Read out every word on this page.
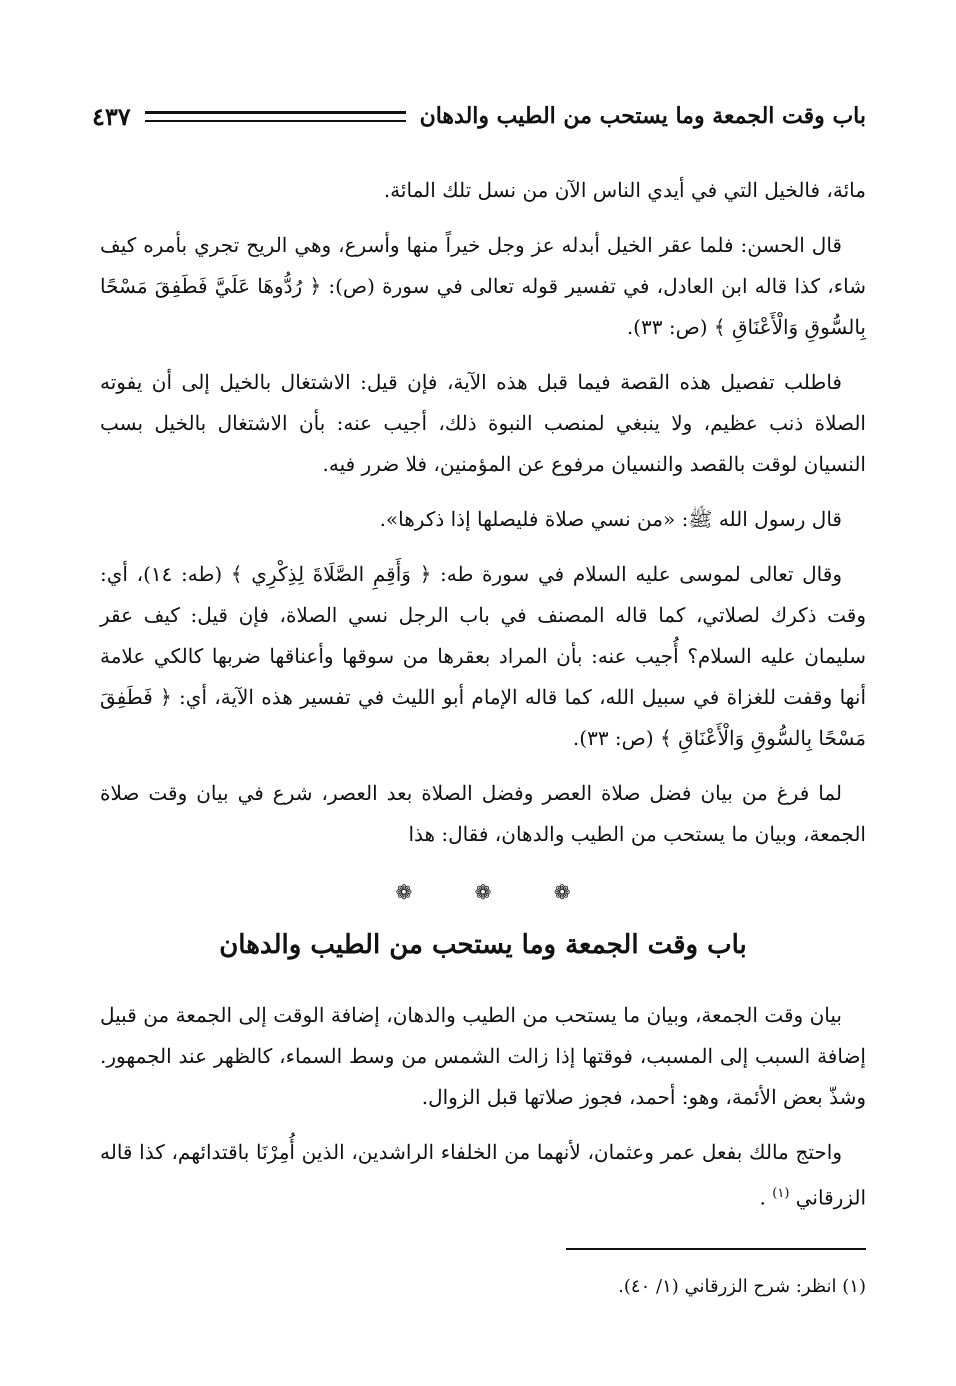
باب وقت الجمعة وما يستحب من الطيب والدهان
٤٣٧

مائة، فالخيل التي في أيدي الناس الآن من نسل تلك المائة.

قال الحسن: فلما عقر الخيل أبدله عز وجل خيراً منها وأسرع، وهي الريح تجري بأمره كيف شاء، كذا قاله ابن العادل، في تفسير قوله تعالى في سورة (ص): ﴿ رُدُّوهَا عَلَيَّ فَطَفِقَ مَسْحًا بِالسُّوقِ وَالْأَعْنَاقِ ﴾ (ص: ٣٣).

فاطلب تفصيل هذه القصة فيما قبل هذه الآية، فإن قيل: الاشتغال بالخيل إلى أن يفوته الصلاة ذنب عظيم، ولا ينبغي لمنصب النبوة ذلك، أجيب عنه: بأن الاشتغال بالخيل بسب النسيان لوقت بالقصد والنسيان مرفوع عن المؤمنين، فلا ضرر فيه.

قال رسول الله ﷺ: «من نسي صلاة فليصلها إذا ذكرها».

وقال تعالى لموسى عليه السلام في سورة طه: ﴿ وَأَقِمِ الصَّلَاةَ لِذِكْرِي ﴾ (طه: ١٤)، أي: وقت ذكرك لصلاتي، كما قاله المصنف في باب الرجل نسي الصلاة، فإن قيل: كيف عقر سليمان عليه السلام؟ أُجيب عنه: بأن المراد بعقرها من سوقها وأعناقها ضربها كالكي علامة أنها وقفت للغزاة في سبيل الله، كما قاله الإمام أبو الليث في تفسير هذه الآية، أي: ﴿ فَطَفِقَ مَسْحًا بِالسُّوقِ وَالْأَعْنَاقِ ﴾ (ص: ٣٣).

لما فرغ من بيان فضل صلاة العصر وفضل الصلاة بعد العصر، شرع في بيان وقت صلاة الجمعة، وبيان ما يستحب من الطيب والدهان، فقال: هذا

❁	❁	❁
باب وقت الجمعة وما يستحب من الطيب والدهان

بيان وقت الجمعة، وبيان ما يستحب من الطيب والدهان، إضافة الوقت إلى الجمعة من قبيل إضافة السبب إلى المسبب، فوقتها إذا زالت الشمس من وسط السماء، كالظهر عند الجمهور. وشذّ بعض الأئمة، وهو: أحمد، فجوز صلاتها قبل الزوال.

واحتج مالك بفعل عمر وعثمان، لأنهما من الخلفاء الراشدين، الذين أُمِرْنَا باقتدائهم، كذا قاله الزرقاني $^{(١)}$ .

(١) انظر: شرح الزرقاني (١/ ٤٠).
